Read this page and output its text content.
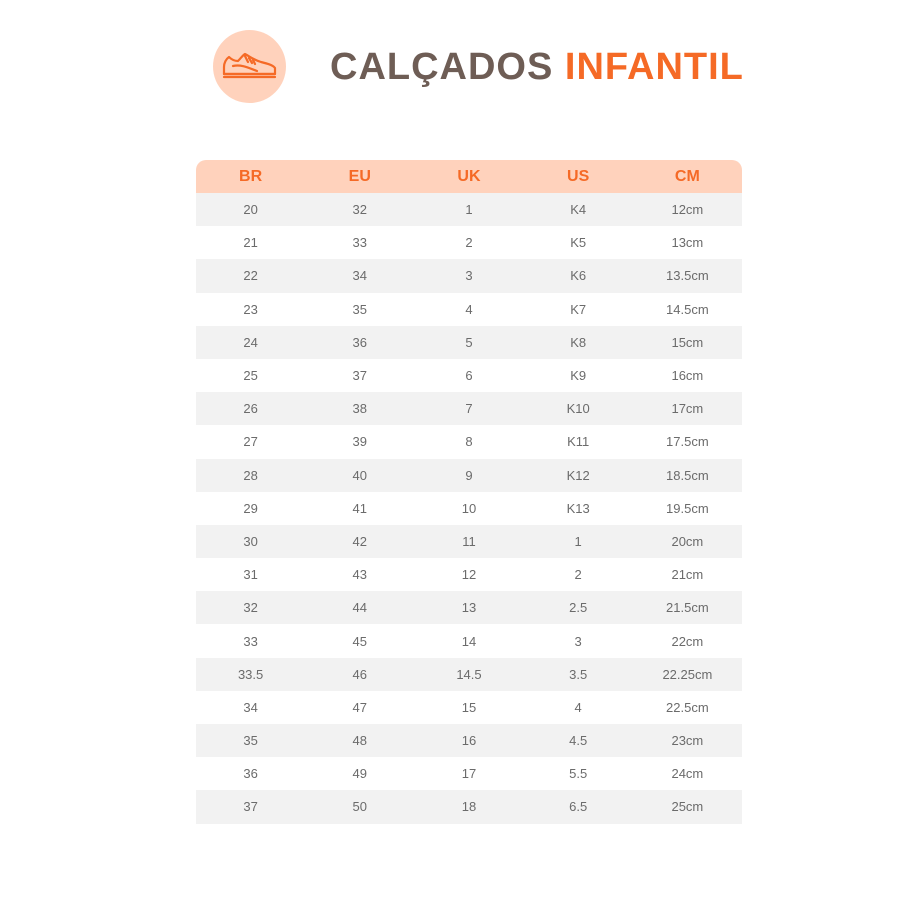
CALÇADOS INFANTIL
BR	EU	UK	US	CM
20	32	1	K4	12cm
21	33	2	K5	13cm
22	34	3	K6	13.5cm
23	35	4	K7	14.5cm
24	36	5	K8	15cm
25	37	6	K9	16cm
26	38	7	K10	17cm
27	39	8	K11	17.5cm
28	40	9	K12	18.5cm
29	41	10	K13	19.5cm
30	42	11	1	20cm
31	43	12	2	21cm
32	44	13	2.5	21.5cm
33	45	14	3	22cm
33.5	46	14.5	3.5	22.25cm
34	47	15	4	22.5cm
35	48	16	4.5	23cm
36	49	17	5.5	24cm
37	50	18	6.5	25cm
